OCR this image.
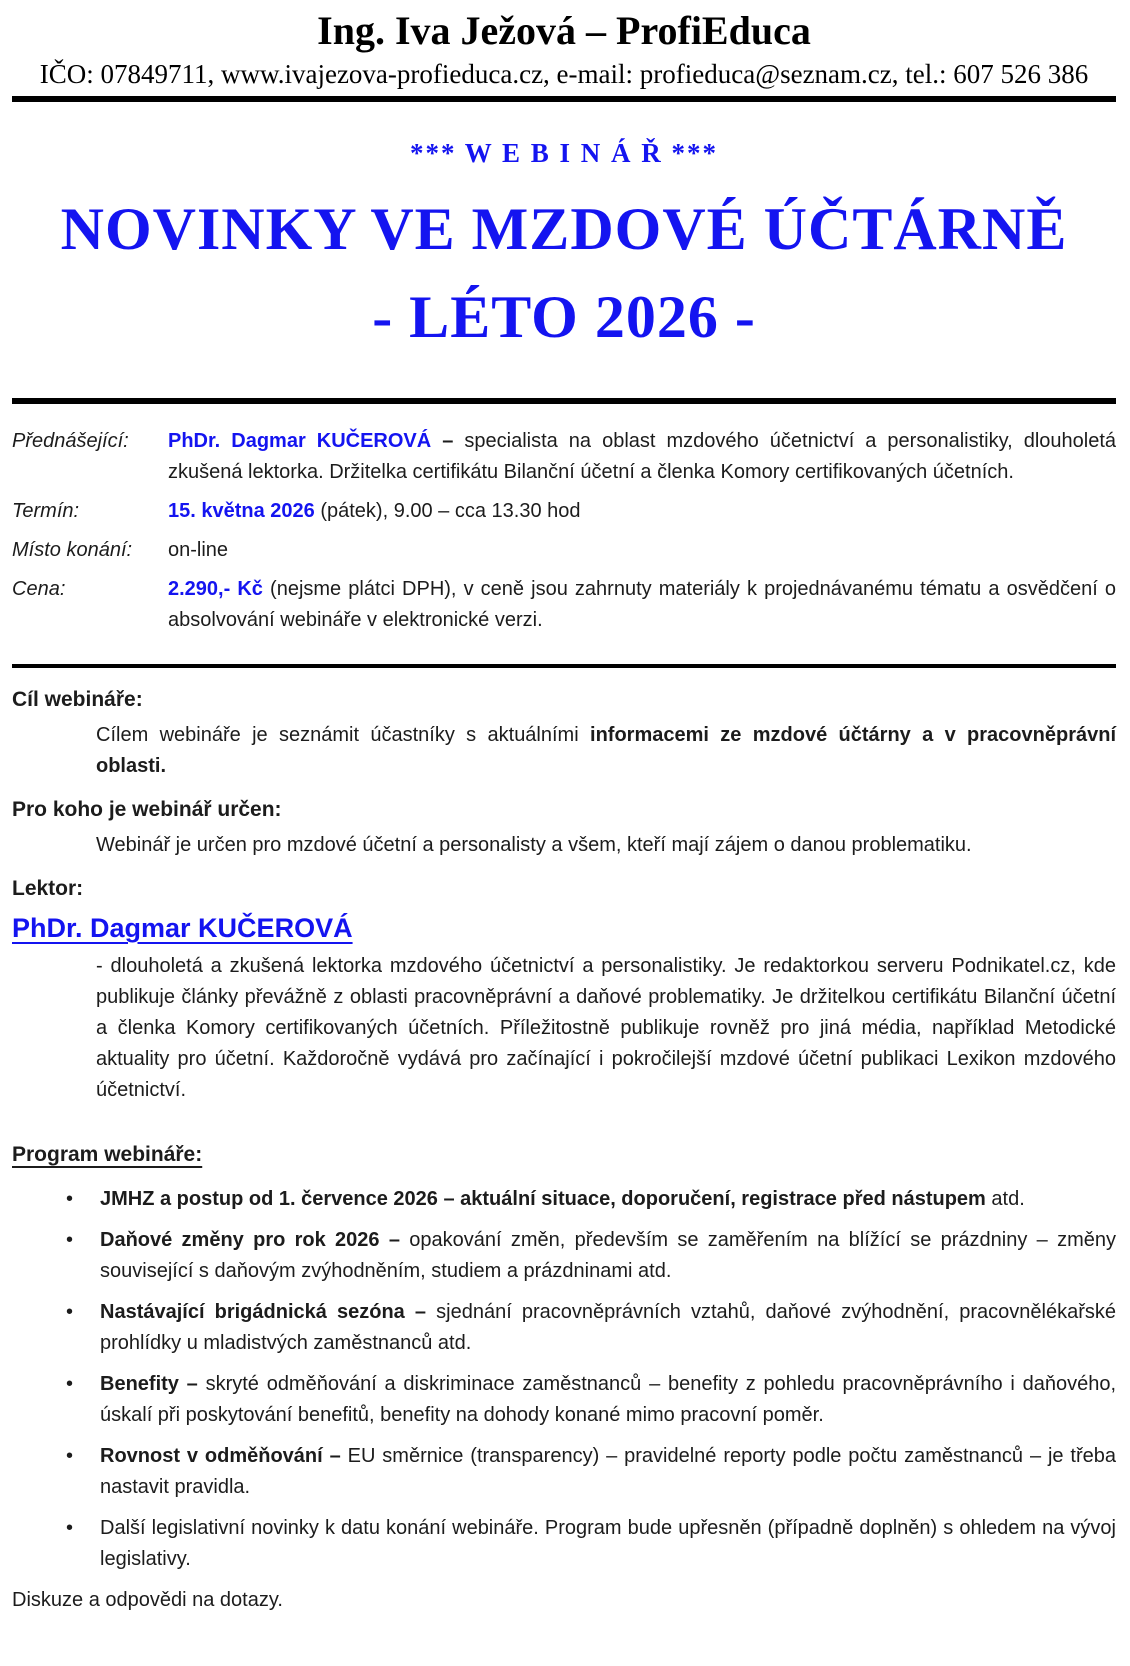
Ing. Iva Ježová – ProfiEduca
IČO: 07849711, www.ivajezova-profieduca.cz, e-mail: profieduca@seznam.cz, tel.: 607 526 386
*** W E B I N Á Ř ***
NOVINKY VE MZDOVÉ ÚČTÁRNĚ
- LÉTO 2026 -
Přednášející:	PhDr. Dagmar KUČEROVÁ – specialista na oblast mzdového účetnictví a personalistiky, dlouholetá zkušená lektorka. Držitelka certifikátu Bilanční účetní a členka Komory certifikovaných účetních.
Termín:	15. května 2026 (pátek), 9.00 – cca 13.30 hod
Místo konání:	on-line
Cena:	2.290,- Kč (nejsme plátci DPH), v ceně jsou zahrnuty materiály k projednávanému tématu a osvědčení o absolvování webináře v elektronické verzi.
Cíl webináře:

Cílem webináře je seznámit účastníky s aktuálními informacemi ze mzdové účtárny a v pracovněprávní oblasti.

Pro koho je webinář určen:

Webinář je určen pro mzdové účetní a personalisty a všem, kteří mají zájem o danou problematiku.

Lektor:
PhDr. Dagmar KUČEROVÁ

- dlouholetá a zkušená lektorka mzdového účetnictví a personalistiky. Je redaktorkou serveru Podnikatel.cz, kde publikuje články převážně z oblasti pracovněprávní a daňové problematiky. Je držitelkou certifikátu Bilanční účetní a členka Komory certifikovaných účetních. Příležitostně publikuje rovněž pro jiná média, například Metodické aktuality pro účetní. Každoročně vydává pro začínající i pokročilejší mzdové účetní publikaci Lexikon mzdového účetnictví.

Program webináře:
• JMHZ a postup od 1. července 2026 – aktuální situace, doporučení, registrace před nástupem atd.
• Daňové změny pro rok 2026 – opakování změn, především se zaměřením na blížící se prázdniny – změny související s daňovým zvýhodněním, studiem a prázdninami atd.
• Nastávající brigádnická sezóna – sjednání pracovněprávních vztahů, daňové zvýhodnění, pracovnělékařské prohlídky u mladistvých zaměstnanců atd.
• Benefity – skryté odměňování a diskriminace zaměstnanců – benefity z pohledu pracovněprávního i daňového, úskalí při poskytování benefitů, benefity na dohody konané mimo pracovní poměr.
• Rovnost v odměňování – EU směrnice (transparency) – pravidelné reporty podle počtu zaměstnanců – je třeba nastavit pravidla.
• Další legislativní novinky k datu konání webináře. Program bude upřesněn (případně doplněn) s ohledem na vývoj legislativy.

Diskuze a odpovědi na dotazy.
